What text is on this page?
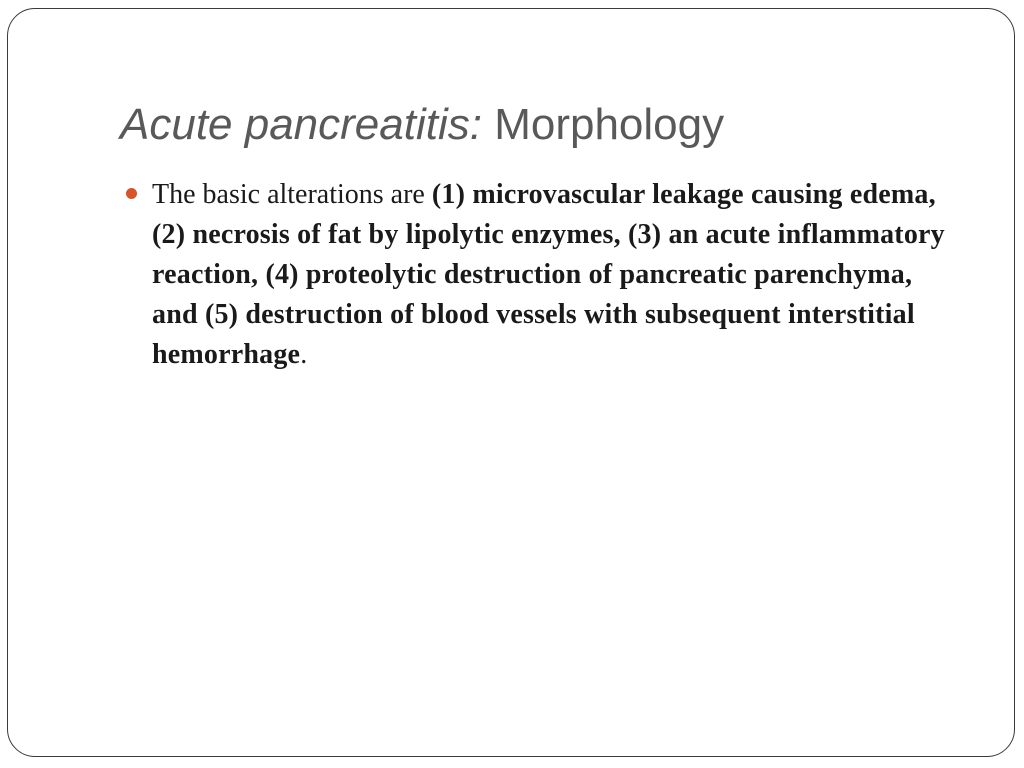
Acute pancreatitis: Morphology
The basic alterations are (1) microvascular leakage causing edema, (2) necrosis of fat by lipolytic enzymes, (3) an acute inflammatory reaction, (4) proteolytic destruction of pancreatic parenchyma, and (5) destruction of blood vessels with subsequent interstitial hemorrhage.
